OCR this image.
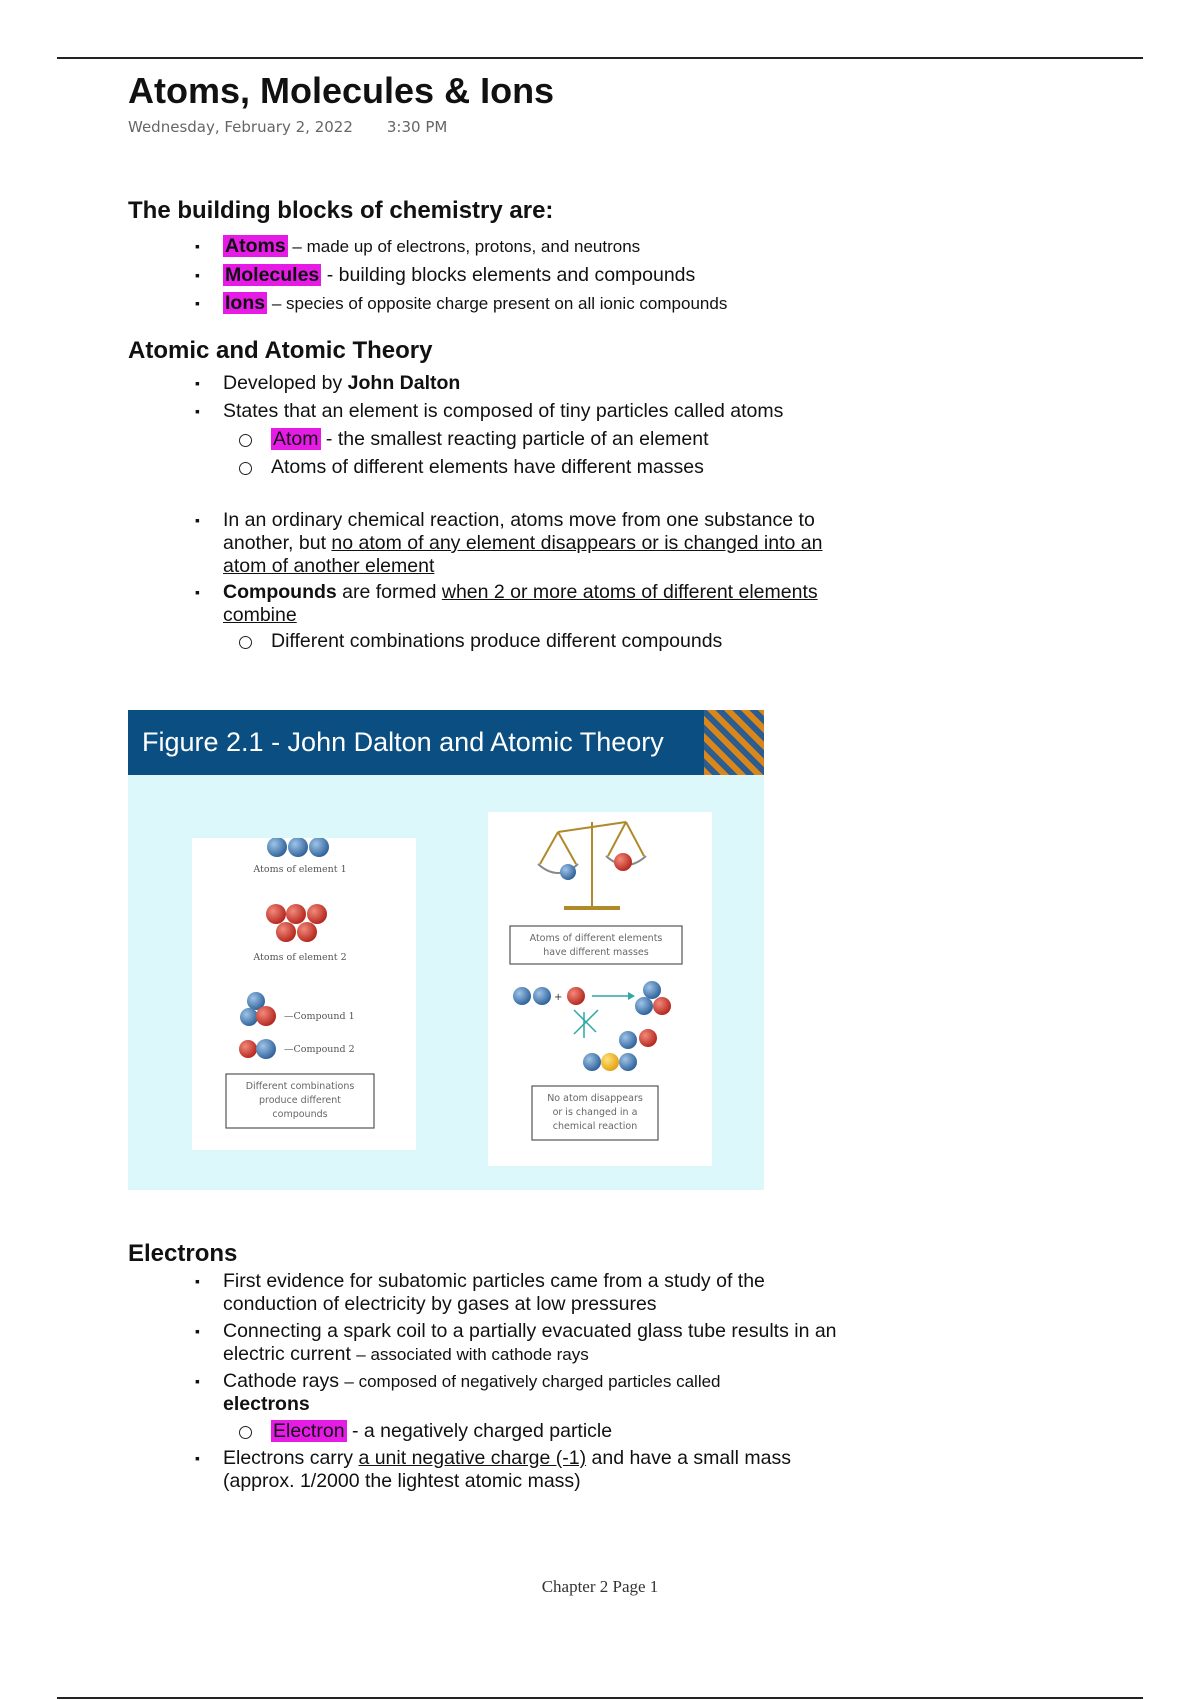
Atoms, Molecules & Ions
Wednesday, February 2, 2022 3:30 PM
The building blocks of chemistry are:
▪ Atoms – made up of electrons, protons, and neutrons
▪ Molecules - building blocks elements and compounds
▪ Ions – species of opposite charge present on all ionic compounds
Atomic and Atomic Theory
▪ Developed by John Dalton
▪ States that an element is composed of tiny particles called atoms
Atom - the smallest reacting particle of an element
Atoms of different elements have different masses
▪ In an ordinary chemical reaction, atoms move from one substance to another, but no atom of any element disappears or is changed into an atom of another element
▪ Compounds are formed when 2 or more atoms of different elements combine
Different combinations produce different compounds
Figure 2.1 - John Dalton and Atomic Theory
Atoms of element 1
Atoms of element 2
—Compound 1
—Compound 2
Different combinations
produce different
compounds
Atoms of different elements
have different masses
+
No atom disappears
or is changed in a
chemical reaction
Electrons
▪ First evidence for subatomic particles came from a study of the conduction of electricity by gases at low pressures
▪ Connecting a spark coil to a partially evacuated glass tube results in an electric current – associated with cathode rays
▪ Cathode rays – composed of negatively charged particles called
electrons
Electron - a negatively charged particle
▪ Electrons carry a unit negative charge (-1) and have a small mass (approx. 1/2000 the lightest atomic mass)
Chapter 2 Page 1
